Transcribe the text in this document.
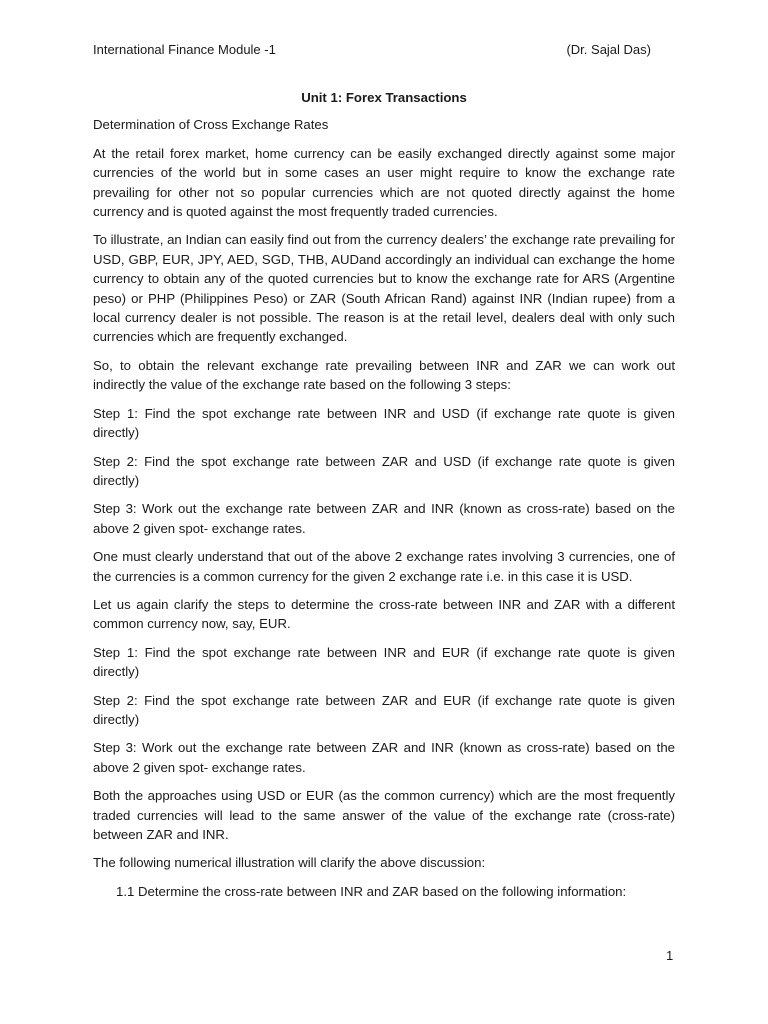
International Finance Module -1	(Dr. Sajal Das)

Unit 1: Forex Transactions

Determination of Cross Exchange Rates

At the retail forex market, home currency can be easily exchanged directly against some major currencies of the world but in some cases an user might require to know the exchange rate prevailing for other not so popular currencies which are not quoted directly against the home currency and is quoted against the most frequently traded currencies.

To illustrate, an Indian can easily find out from the currency dealers’ the exchange rate prevailing for USD, GBP, EUR, JPY, AED, SGD, THB, AUDand accordingly an individual can exchange the home currency to obtain any of the quoted currencies but to know the exchange rate for ARS (Argentine peso) or PHP (Philippines Peso) or ZAR (South African Rand) against INR (Indian rupee) from a local currency dealer is not possible. The reason is at the retail level, dealers deal with only such currencies which are frequently exchanged.

So, to obtain the relevant exchange rate prevailing between INR and ZAR we can work out indirectly the value of the exchange rate based on the following 3 steps:

Step 1: Find the spot exchange rate between INR and USD (if exchange rate quote is given directly)

Step 2: Find the spot exchange rate between ZAR and USD (if exchange rate quote is given directly)

Step 3: Work out the exchange rate between ZAR and INR (known as cross-rate) based on the above 2 given spot- exchange rates.

One must clearly understand that out of the above 2 exchange rates involving 3 currencies, one of the currencies is a common currency for the given 2 exchange rate i.e. in this case it is USD.

Let us again clarify the steps to determine the cross-rate between INR and ZAR with a different common currency now, say, EUR.

Step 1: Find the spot exchange rate between INR and EUR (if exchange rate quote is given directly)

Step 2: Find the spot exchange rate between ZAR and EUR (if exchange rate quote is given directly)

Step 3: Work out the exchange rate between ZAR and INR (known as cross-rate) based on the above 2 given spot- exchange rates.

Both the approaches using USD or EUR (as the common currency) which are the most frequently traded currencies will lead to the same answer of the value of the exchange rate (cross-rate) between ZAR and INR.

The following numerical illustration will clarify the above discussion:

1.1 Determine the cross-rate between INR and ZAR based on the following information:

1
